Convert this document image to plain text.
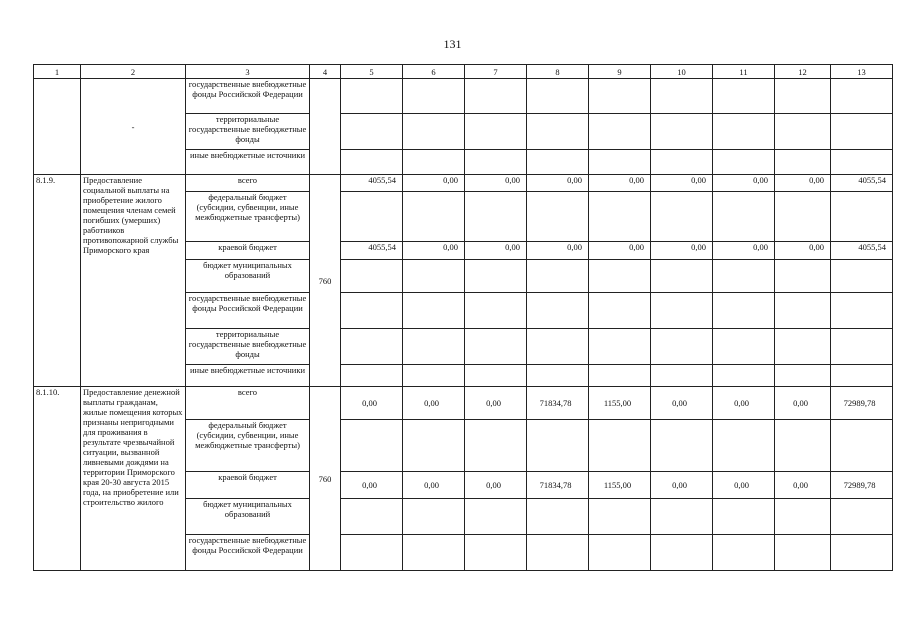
131
1	2	3	4	5	6	7	8	9	10	11	12	13
	-	государственные внебюджетные фонды Российской Федерации										
		территориальные государственные внебюджетные фонды										
		иные внебюджетные источники										
8.1.9.	Предоставление социальной выплаты на приобретение жилого помещения членам семей погибших (умерших) работников противопожарной службы Приморского края	всего	760	4055,54	0,00	0,00	0,00	0,00	0,00	0,00	0,00	4055,54
		федеральный бюджет (субсидии, субвенции, иные межбюджетные трансферты)										
		краевой бюджет		4055,54	0,00	0,00	0,00	0,00	0,00	0,00	0,00	4055,54
		бюджет муниципальных образований										
		государственные внебюджетные фонды Российской Федерации										
		территориальные государственные внебюджетные фонды										
		иные внебюджетные источники										
8.1.10.	Предоставление денежной выплаты гражданам, жилые помещения которых признаны непригодными для проживания в результате чрезвычайной ситуации, вызванной ливневыми дождями на территории Приморского края 20-30 августа 2015 года, на приобретение или строительство жилого	всего	760	0,00	0,00	0,00	71834,78	1155,00	0,00	0,00	0,00	72989,78
		федеральный бюджет (субсидии, субвенции, иные межбюджетные трансферты)										
		краевой бюджет		0,00	0,00	0,00	71834,78	1155,00	0,00	0,00	0,00	72989,78
		бюджет муниципальных образований										
		государственные внебюджетные фонды Российской Федерации										
